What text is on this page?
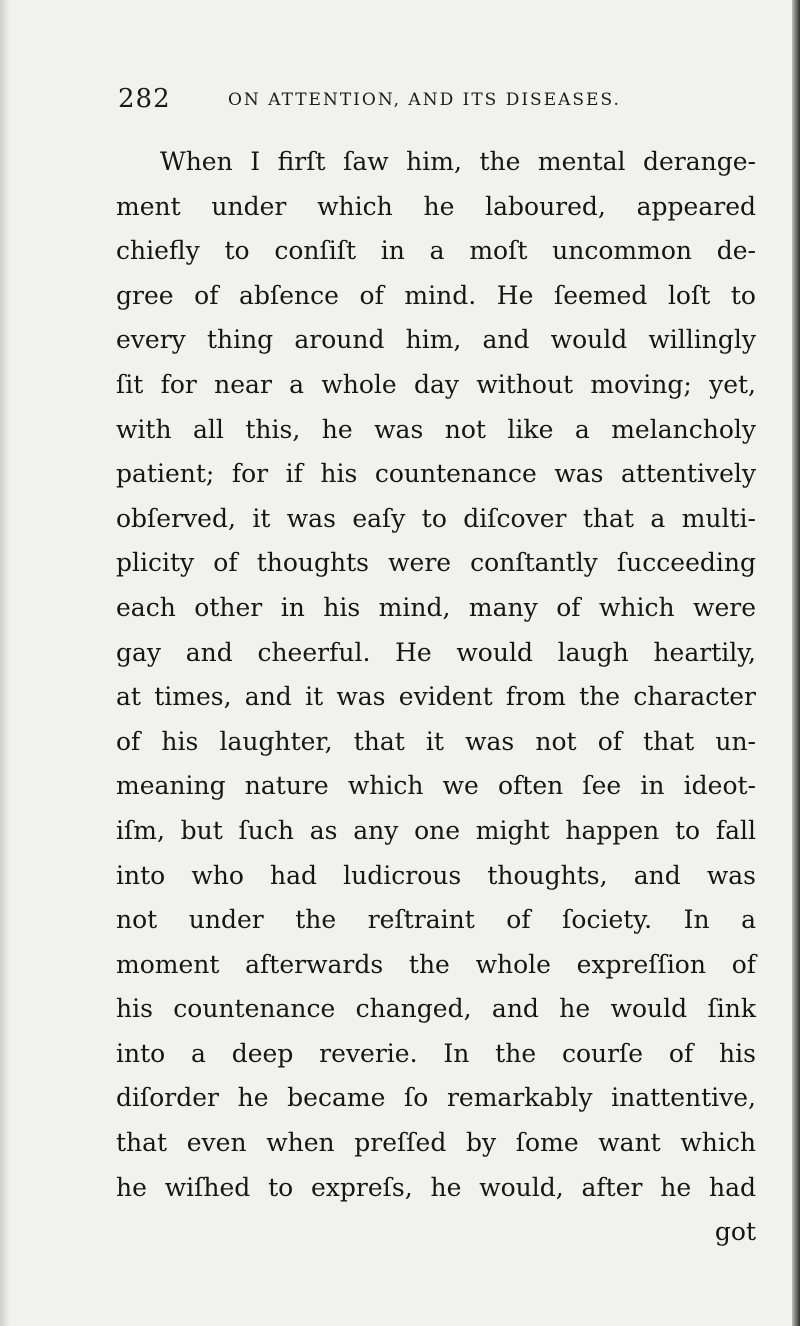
282	ON ATTENTION, AND ITS DISEASES.
When I firſt ſaw him, the mental derange-
ment under which he laboured, appeared
chiefly to conſiſt in a moſt uncommon de-
gree of abſence of mind. He ſeemed loſt to
every thing around him, and would willingly
ſit for near a whole day without moving; yet,
with all this, he was not like a melancholy
patient; for if his countenance was attentively
obſerved, it was eaſy to diſcover that a multi-
plicity of thoughts were conſtantly ſucceeding
each other in his mind, many of which were
gay and cheerful. He would laugh heartily,
at times, and it was evident from the character
of his laughter, that it was not of that un-
meaning nature which we often ſee in ideot-
iſm, but ſuch as any one might happen to fall
into who had ludicrous thoughts, and was
not under the reſtraint of ſociety. In a
moment afterwards the whole expreſſion of
his countenance changed, and he would ſink
into a deep reverie. In the courſe of his
diſorder he became ſo remarkably inattentive,
that even when preſſed by ſome want which
he wiſhed to expreſs, he would, after he had
got
